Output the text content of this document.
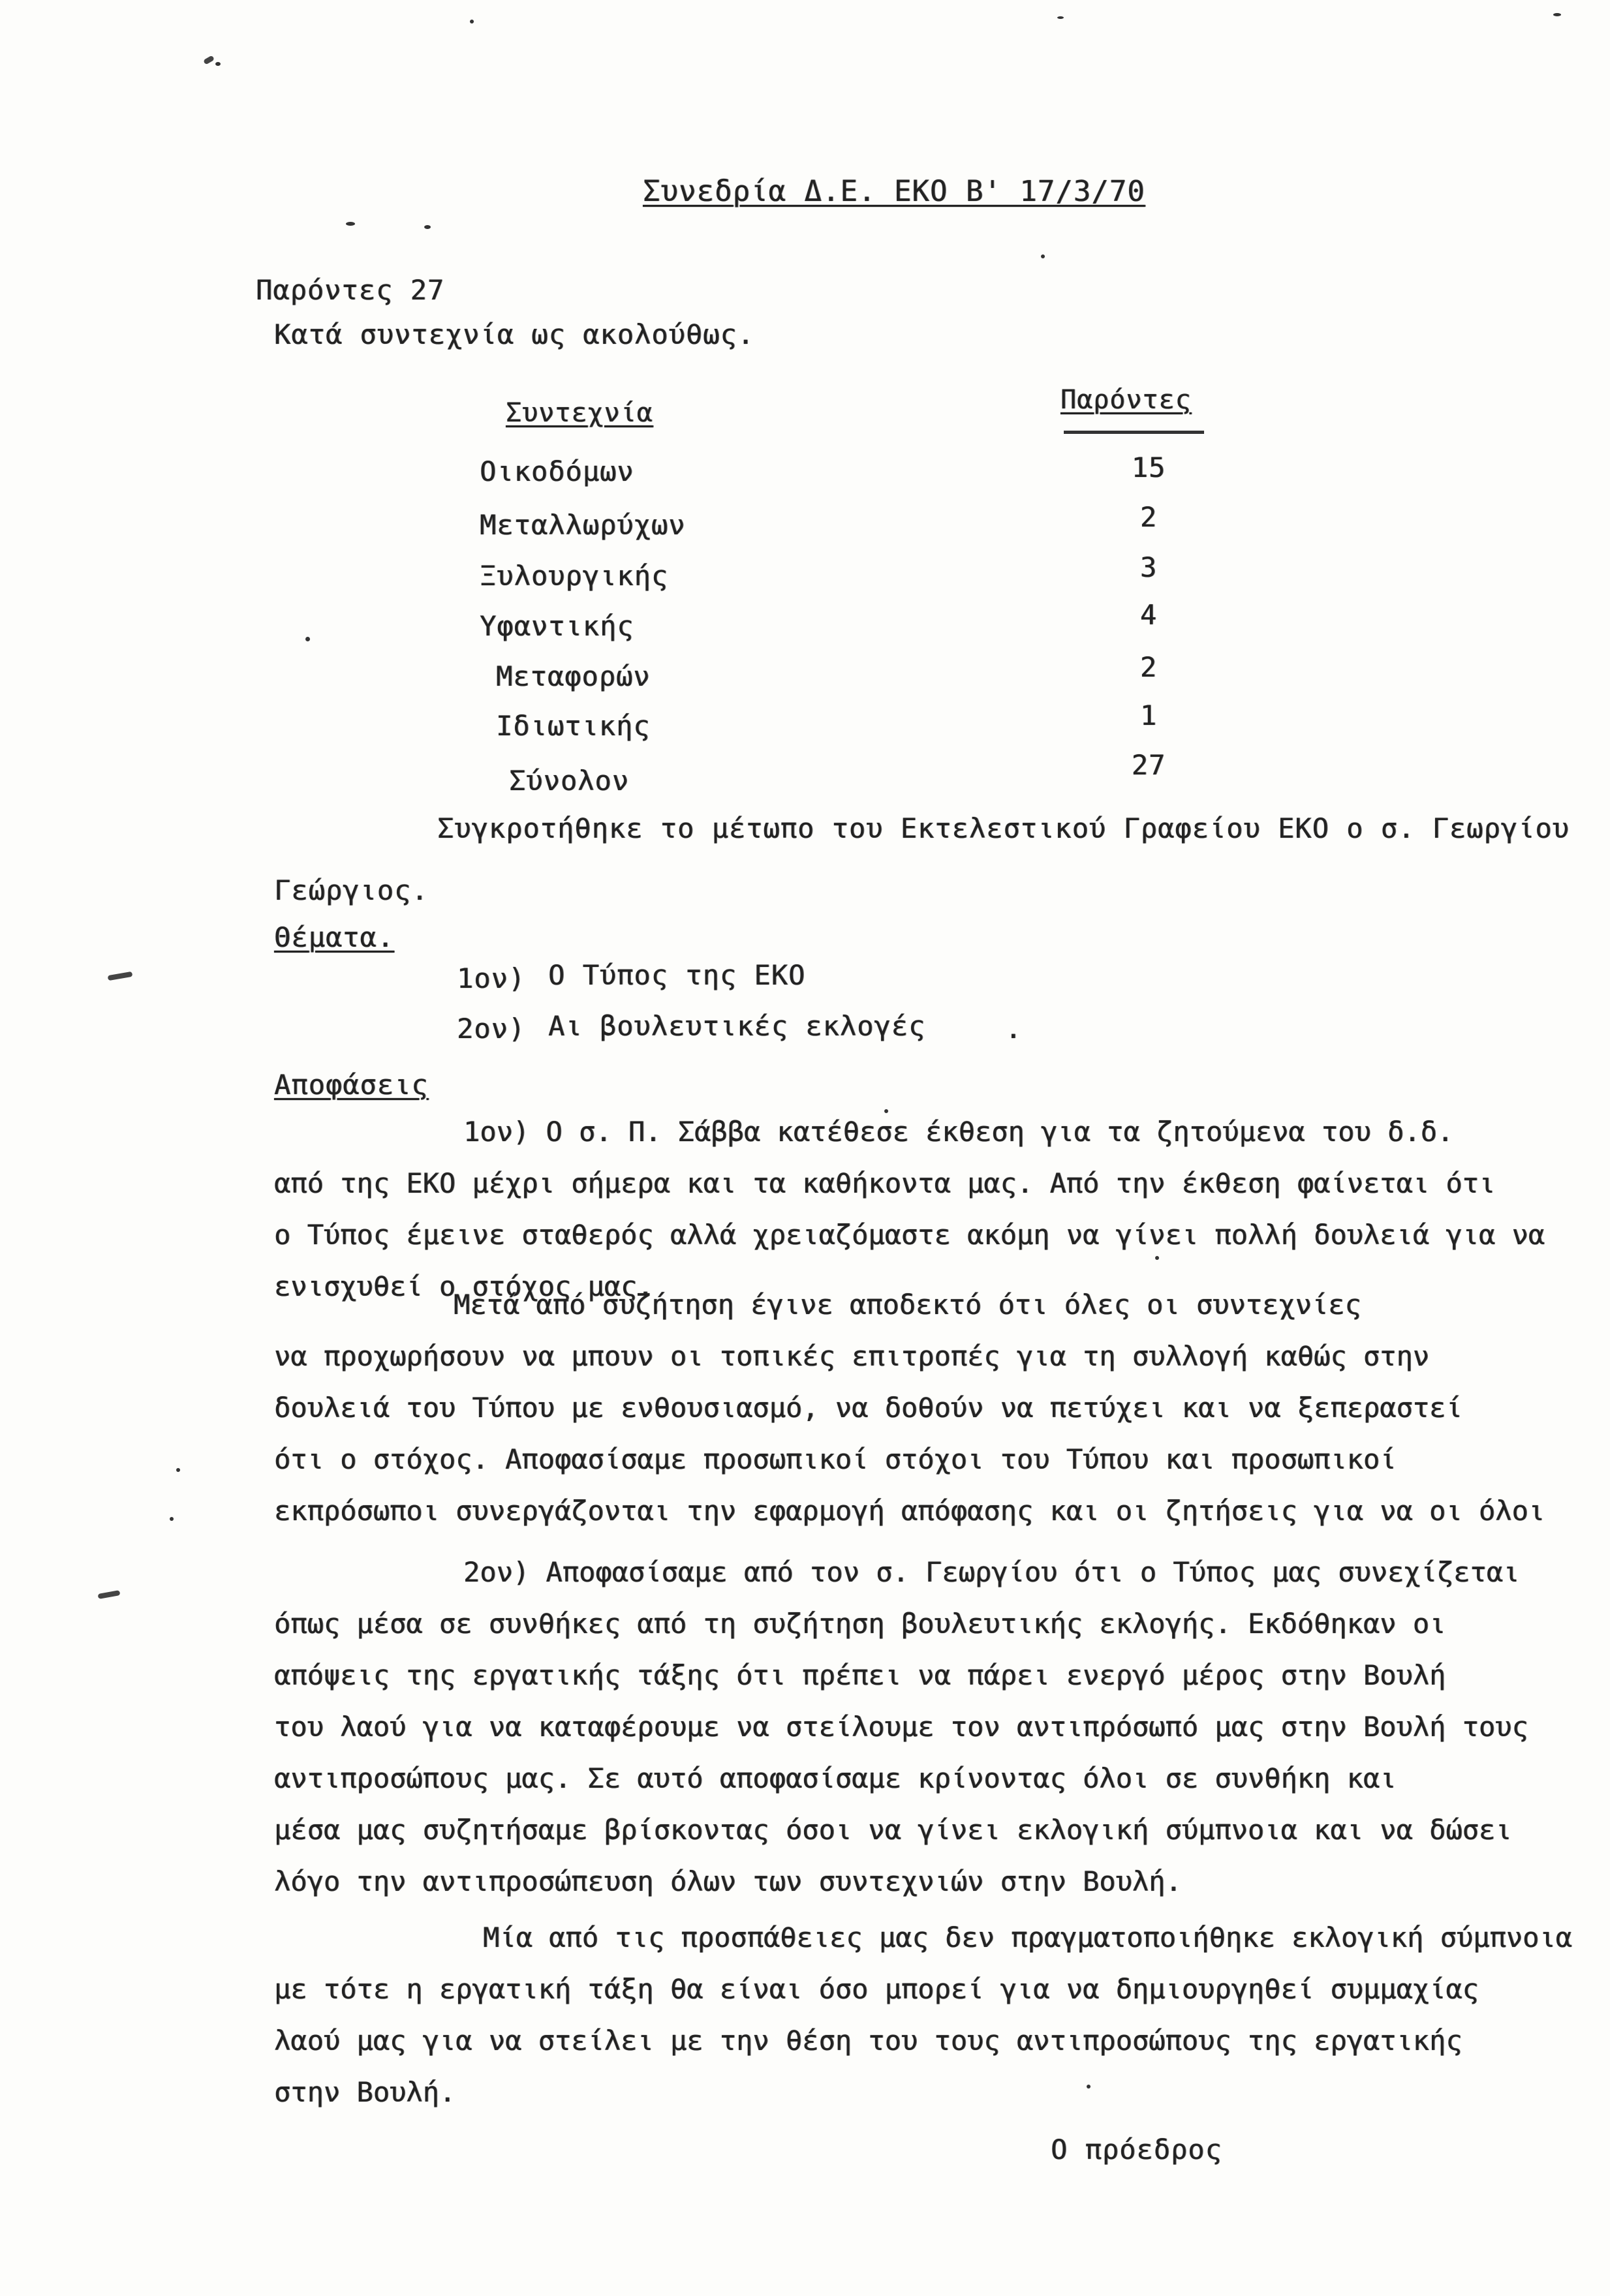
Συνεδρία Δ.Ε. ΕΚΟ Β' 17/3/70
Παρόντες 27
Κατά συντεχνία ως ακολούθως.
Συντεχνία	Παρόντες
Οικοδόμων	15
Μεταλλωρύχων	2
Ξυλουργικής	3
Υφαντικής	4
Μεταφορών	2
Ιδιωτικής	1
Σύνολον	27
Συγκροτήθηκε το μέτωπο του Εκτελεστικού Γραφείου ΕΚΟ ο σ. Γεωργίου
Γεώργιος.
Θέματα.
1ον) Ο Τύπος της ΕΚΟ
2ον) Αι βουλευτικές εκλογές	.
Αποφάσεις
1ον) Ο σ. Π. Σάββα κατέθεσε έκθεση για τα ζητούμενα του δ.δ.
από της ΕΚΟ μέχρι σήμερα και τα καθήκοντα μας. Από την έκθεση φαίνεται ότι
ο Τύπος έμεινε σταθερός αλλά χρειαζόμαστε ακόμη να γίνει πολλή δουλειά για να
ενισχυθεί ο στόχος μας.
Μετά από συζήτηση έγινε αποδεκτό ότι όλες οι συντεχνίες
να προχωρήσουν να μπουν οι τοπικές επιτροπές για τη συλλογή καθώς στην
δουλειά του Τύπου με ενθουσιασμό, να δοθούν να πετύχει και να ξεπεραστεί
ότι ο στόχος. Αποφασίσαμε προσωπικοί στόχοι του Τύπου και προσωπικοί
εκπρόσωποι συνεργάζονται την εφαρμογή απόφασης και οι ζητήσεις για να οι όλοι
2ον) Αποφασίσαμε από τον σ. Γεωργίου ότι ο Τύπος μας συνεχίζεται
όπως μέσα σε συνθήκες από τη συζήτηση βουλευτικής εκλογής. Εκδόθηκαν οι
απόψεις της εργατικής τάξης ότι πρέπει να πάρει ενεργό μέρος στην Βουλή
του λαού για να καταφέρουμε να στείλουμε τον αντιπρόσωπό μας στην Βουλή τους
αντιπροσώπους μας. Σε αυτό αποφασίσαμε κρίνοντας όλοι σε συνθήκη και
μέσα μας συζητήσαμε βρίσκοντας όσοι να γίνει εκλογική σύμπνοια και να δώσει
λόγο την αντιπροσώπευση όλων των συντεχνιών στην Βουλή.
Μία από τις προσπάθειες μας δεν πραγματοποιήθηκε εκλογική σύμπνοια
με τότε η εργατική τάξη θα είναι όσο μπορεί για να δημιουργηθεί συμμαχίας
λαού μας για να στείλει με την θέση του τους αντιπροσώπους της εργατικής
στην Βουλή.
Ο πρόεδρος
